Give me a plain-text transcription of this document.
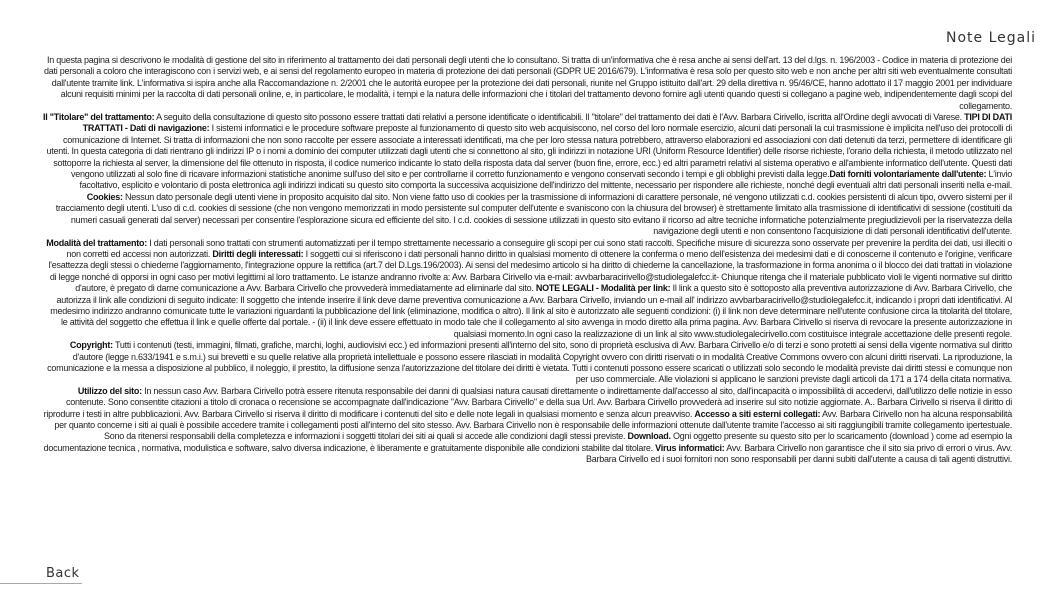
Note Legali

In questa pagina si descrivono le modalità di gestione del sito in riferimento al trattamento dei dati personali degli utenti che lo consultano. Si tratta di un'informativa che è resa anche ai sensi dell'art. 13 del d.lgs. n. 196/2003 - Codice in materia di protezione dei dati personali a coloro che interagiscono con i servizi web, e ai sensi del regolamento europeo in materia di protezione dei dati personali (GDPR UE 2016/679). L'informativa è resa solo per questo sito web e non anche per altri siti web eventualmente consultati dall'utente tramite link. L'informativa si ispira anche alla Raccomandazione n. 2/2001 che le autorità europee per la protezione dei dati personali, riunite nel Gruppo istituito dall'art. 29 della direttiva n. 95/46/CE, hanno adottato il 17 maggio 2001 per individuare alcuni requisiti minimi per la raccolta di dati personali online, e, in particolare, le modalità, i tempi e la natura delle informazioni che i titolari del trattamento devono fornire agli utenti quando questi si collegano a pagine web, indipendentemente dagli scopi del collegamento.

Il "Titolare" del trattamento: A seguito della consultazione di questo sito possono essere trattati dati relativi a persone identificate o identificabili. Il "titolare" del trattamento dei dati è l'Avv. Barbara Cirivello, iscritta all'Ordine degli avvocati di Varese. TIPI DI DATI TRATTATI - Dati di navigazione: I sistemi informatici e le procedure software preposte al funzionamento di questo sito web acquisiscono, nel corso del loro normale esercizio, alcuni dati personali la cui trasmissione è implicita nell'uso dei protocolli di comunicazione di Internet. Si tratta di informazioni che non sono raccolte per essere associate a interessati identificati, ma che per loro stessa natura potrebbero, attraverso elaborazioni ed associazioni con dati detenuti da terzi, permettere di identificare gli utenti. In questa categoria di dati rientrano gli indirizzi IP o i nomi a dominio dei computer utilizzati dagli utenti che si connettono al sito, gli indirizzi in notazione URI (Uniform Resource Identifier) delle risorse richieste, l'orario della richiesta, il metodo utilizzato nel sottoporre la richiesta al server, la dimensione del file ottenuto in risposta, il codice numerico indicante lo stato della risposta data dal server (buon fine, errore, ecc.) ed altri parametri relativi al sistema operativo e all'ambiente informatico dell'utente. Questi dati vengono utilizzati al solo fine di ricavare informazioni statistiche anonime sull'uso del sito e per controllarne il corretto funzionamento e vengono conservati secondo i tempi e gli obblighi previsti dalla legge.Dati forniti volontariamente dall'utente: L'invio facoltativo, esplicito e volontario di posta elettronica agli indirizzi indicati su questo sito comporta la successiva acquisizione dell'indirizzo del mittente, necessario per rispondere alle richieste, nonché degli eventuali altri dati personali inseriti nella e-mail. Cookies: Nessun dato personale degli utenti viene in proposito acquisito dal sito. Non viene fatto uso di cookies per la trasmissione di informazioni di carattere personale, né vengono utilizzati c.d. cookies persistenti di alcun tipo, ovvero sistemi per il tracciamento degli utenti. L'uso di c.d. cookies di sessione (che non vengono memorizzati in modo persistente sul computer dell'utente e svaniscono con la chiusura del browser) è strettamente limitato alla trasmissione di identificativi di sessione (costituiti da numeri casuali generati dal server) necessari per consentire l'esplorazione sicura ed efficiente del sito. I c.d. cookies di sessione utilizzati in questo sito evitano il ricorso ad altre tecniche informatiche potenzialmente pregiudizievoli per la riservatezza della navigazione degli utenti e non consentono l'acquisizione di dati personali identificativi dell'utente.

Modalità del trattamento: I dati personali sono trattati con strumenti automatizzati per il tempo strettamente necessario a conseguire gli scopi per cui sono stati raccolti. Specifiche misure di sicurezza sono osservate per prevenire la perdita dei dati, usi illeciti o non corretti ed accessi non autorizzati. Diritti degli interessati: I soggetti cui si riferiscono i dati personali hanno diritto in qualsiasi momento di ottenere la conferma o meno dell'esistenza dei medesimi dati e di conoscerne il contenuto e l'origine, verificare l'esattezza degli stessi o chiederne l'aggiornamento, l'integrazione oppure la rettifica (art.7 del D.Lgs.196/2003). Ai sensi del medesimo articolo si ha diritto di chiederne la cancellazione, la trasformazione in forma anonima o il blocco dei dati trattati in violazione di legge nonché di opporsi in ogni caso per motivi legittimi al loro trattamento. Le istanze andranno rivolte a: Avv. Barbara Cirivello via e-mail: avvbarbaracirivello@studiolegalefcc.it- Chiunque ritenga che il materiale pubblicato violi le vigenti normative sul diritto d'autore, è pregato di darne comunicazione a Avv. Barbara Cirivello che provvederà immediatamente ad eliminarle dal sito. NOTE LEGALI - Modalità per link: Il link a questo sito è sottoposto alla preventiva autorizzazione di Avv. Barbara Cirivello, che autorizza il link alle condizioni di seguito indicate: Il soggetto che intende inserire il link deve darne preventiva comunicazione a Avv. Barbara Cirivello, inviando un e-mail all' indirizzo avvbarbaracirivello@studiolegalefcc.it, indicando i propri dati identificativi. Al medesimo indirizzo andranno comunicate tutte le variazioni riguardanti la pubblicazione del link (eliminazione, modifica o altro). Il link al sito è autorizzato alle seguenti condizioni: (i) il link non deve determinare nell'utente confusione circa la titolarità del titolare, le attività del soggetto che effettua il link e quelle offerte dal portale. - (ii) il link deve essere effettuato in modo tale che il collegamento al sito avvenga in modo diretto alla prima pagina. Avv. Barbara Cirivello si riserva di revocare la presente autorizzazione in qualsiasi momento.In ogni caso la realizzazione di un link al sito www.studiolegalecirivello.com costituisce integrale accettazione delle presenti regole.

Copyright: Tutti i contenuti (testi, immagini, filmati, grafiche, marchi, loghi, audiovisivi ecc.) ed informazioni presenti all'interno del sito, sono di proprietà esclusiva di Avv. Barbara Cirivello e/o di terzi e sono protetti ai sensi della vigente normativa sul diritto d'autore (legge n.633/1941 e s.m.i.) sui brevetti e su quelle relative alla proprietà intellettuale e possono essere rilasciati in modalità Copyright ovvero con diritti riservati o in modalità Creative Commons ovvero con alcuni diritti riservati. La riproduzione, la comunicazione e la messa a disposizione al pubblico, il noleggio, il prestito, la diffusione senza l'autorizzazione del titolare dei diritti è vietata. Tutti i contenuti possono essere scaricati o utilizzati solo secondo le modalità previste dai diritti stessi e comunque non per uso commerciale. Alle violazioni si applicano le sanzioni previste dagli articoli da 171 a 174 della citata normativa.

Utilizzo del sito: In nessun caso Avv. Barbara Cirivello potrà essere ritenuta responsabile dei danni di qualsiasi natura causati direttamente o indirettamente dall'accesso al sito, dall'incapacità o impossibilità di accedervi, dall'utilizzo delle notizie in esso contenute. Sono consentite citazioni a titolo di cronaca o recensione se accompagnate dall'indicazione "Avv. Barbara Cirivello" e della sua Url. Avv. Barbara Cirivello provvederà ad inserire sul sito notizie aggiornate. A.. Barbara Cirivello si riserva il diritto di riprodurre i testi in altre pubblicazioni. Avv. Barbara Cirivello si riserva il diritto di modificare i contenuti del sito e delle note legali in qualsiasi momento e senza alcun preavviso. Accesso a siti esterni collegati: Avv. Barbara Cirivello non ha alcuna responsabilità per quanto concerne i siti ai quali è possibile accedere tramite i collegamenti posti all'interno del sito stesso. Avv. Barbara Cirivello non è responsabile delle informazioni ottenute dall'utente tramite l'accesso ai siti raggiungibili tramite collegamento ipertestuale. Sono da ritenersi responsabili della completezza e informazioni i soggetti titolari dei siti ai quali si accede alle condizioni dagli stessi previste. Download. Ogni oggetto presente su questo sito per lo scaricamento (download ) come ad esempio la documentazione tecnica , normativa, modulistica e software, salvo diversa indicazione, è liberamente e gratuitamente disponibile alle condizioni stabilite dal titolare. Virus informatici: Avv. Barbara Cirivello non garantisce che il sito sia privo di errori o virus. Avv. Barbara Cirivello ed i suoi fornitori non sono responsabili per danni subiti dall'utente a causa di tali agenti distruttivi.

Back
